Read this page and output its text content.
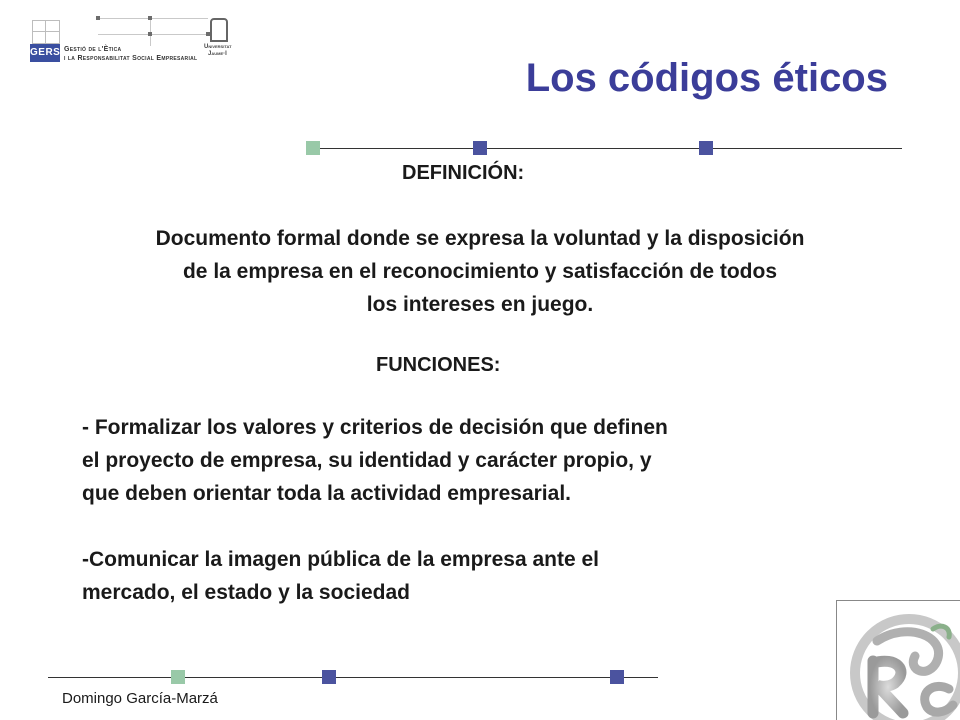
GERSE
Gestió de l'Ètica
i la Responsabilitat Social Empresarial
Universitat
Jaume·I
Los códigos éticos
DEFINICIÓN:
Documento formal donde se expresa la voluntad y la disposición
de la empresa en el reconocimiento y satisfacción de todos
los intereses en juego.
FUNCIONES:
- Formalizar los valores y criterios de decisión que definen
el proyecto de empresa, su identidad y carácter propio, y
que deben orientar toda la actividad empresarial.
-Comunicar la imagen pública de la empresa ante el
mercado, el estado y la sociedad
Domingo García-Marzá
